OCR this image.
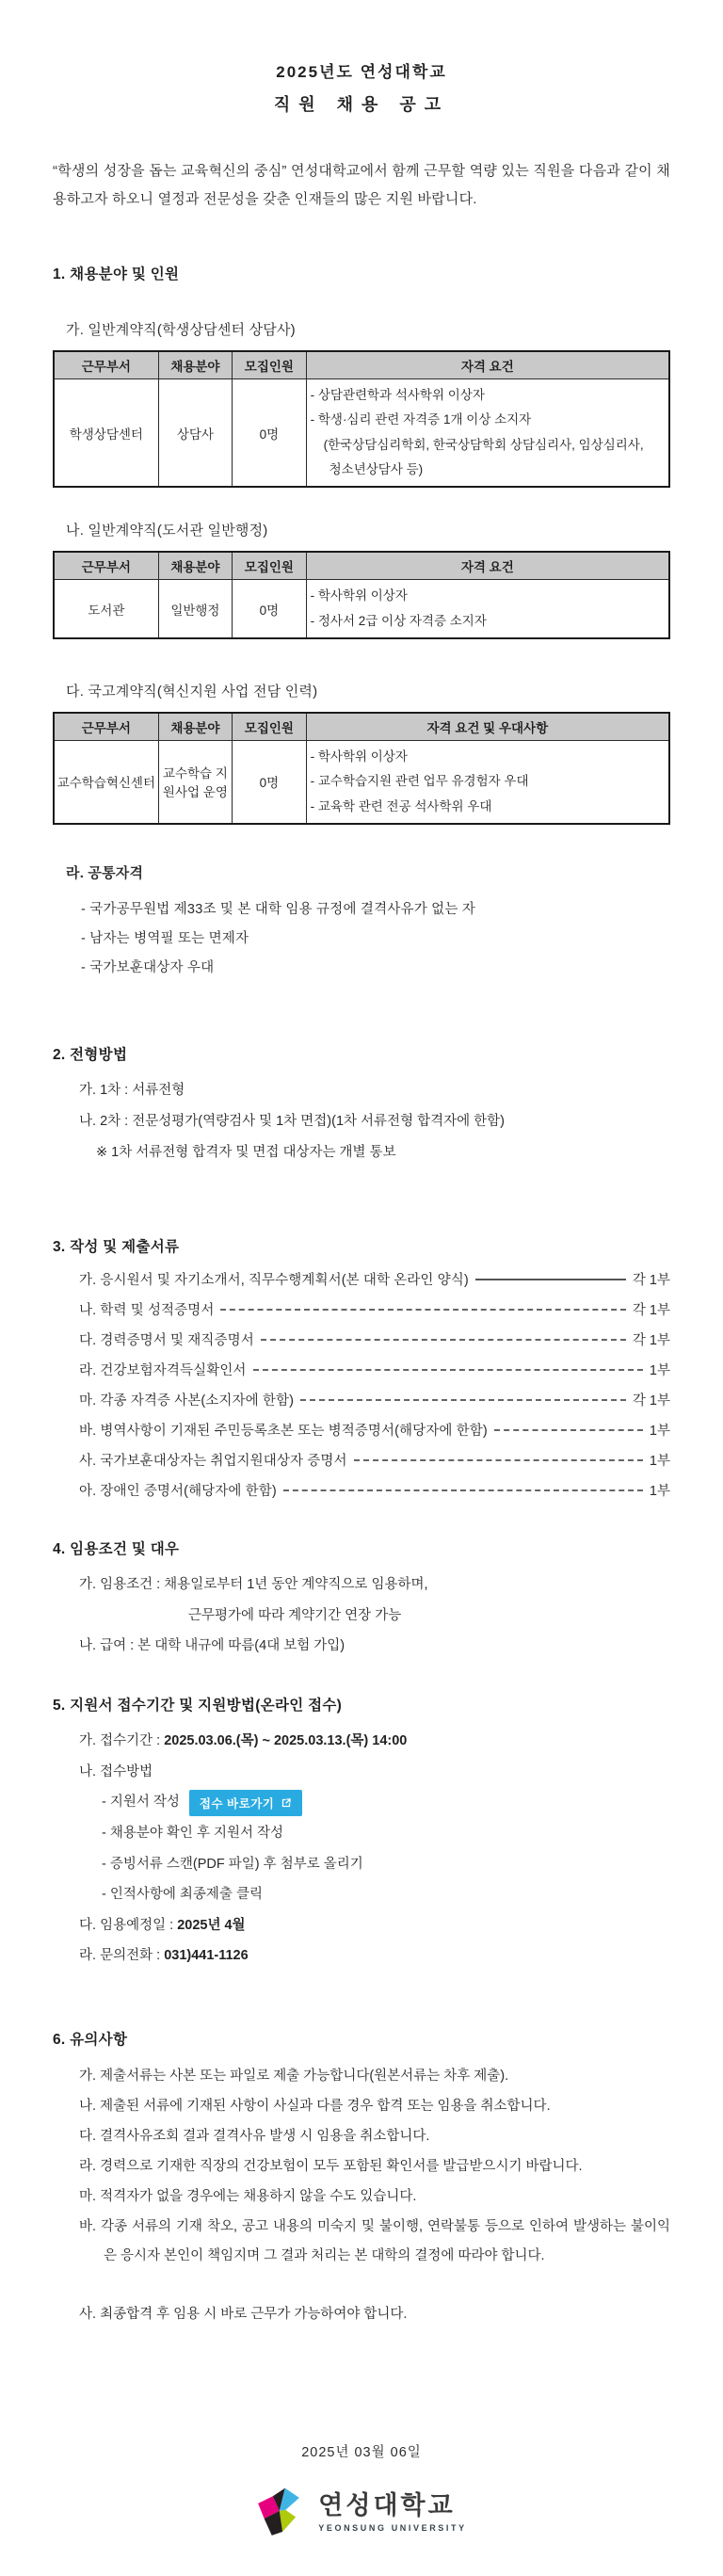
2025년도 연성대학교
직원 채용 공고

“학생의 성장을 돕는 교육혁신의 중심” 연성대학교에서 함께 근무할 역량 있는 직원을 다음과 같이 채용하고자 하오니 열정과 전문성을 갖춘 인재들의 많은 지원 바랍니다.

1. 채용분야 및 인원
가. 일반계약직(학생상담센터 상담사)
근무부서	채용분야	모집인원	자격 요건
학생상담센터	상담사	0명	- 상담관련학과 석사학위 이상자
- 학생·심리 관련 자격증 1개 이상 소지자
(한국상담심리학회, 한국상담학회 상담심리사, 임상심리사,
청소년상담사 등)
나. 일반계약직(도서관 일반행정)
근무부서	채용분야	모집인원	자격 요건
도서관	일반행정	0명	- 학사학위 이상자
- 정사서 2급 이상 자격증 소지자
다. 국고계약직(혁신지원 사업 전담 인력)
근무부서	채용분야	모집인원	자격 요건 및 우대사항
교수학습혁신센터	교수학습 지원사업 운영	0명	- 학사학위 이상자
- 교수학습지원 관련 업무 유경험자 우대
- 교육학 관련 전공 석사학위 우대
라. 공통자격
- 국가공무원법 제33조 및 본 대학 임용 규정에 결격사유가 없는 자
- 남자는 병역필 또는 면제자
- 국가보훈대상자 우대
2. 전형방법
가. 1차 : 서류전형
나. 2차 : 전문성평가(역량검사 및 1차 면접)(1차 서류전형 합격자에 한함)
※ 1차 서류전형 합격자 및 면접 대상자는 개별 통보
3. 작성 및 제출서류
가. 응시원서 및 자기소개서, 직무수행계획서(본 대학 온라인 양식)	각 1부
나. 학력 및 성적증명서	각 1부
다. 경력증명서 및 재직증명서	각 1부
라. 건강보험자격득실확인서	1부
마. 각종 자격증 사본(소지자에 한함)	각 1부
바. 병역사항이 기재된 주민등록초본 또는 병적증명서(해당자에 한함)	1부
사. 국가보훈대상자는 취업지원대상자 증명서	1부
아. 장애인 증명서(해당자에 한함)	1부
4. 임용조건 및 대우
가. 임용조건 : 채용일로부터 1년 동안 계약직으로 임용하며,
근무평가에 따라 계약기간 연장 가능
나. 급여 : 본 대학 내규에 따름(4대 보험 가입)
5. 지원서 접수기간 및 지원방법(온라인 접수)
가. 접수기간 : 2025.03.06.(목) ~ 2025.03.13.(목) 14:00
나. 접수방법
- 지원서 작성 접수 바로가기
- 채용분야 확인 후 지원서 작성
- 증빙서류 스캔(PDF 파일) 후 첨부로 올리기
- 인적사항에 최종제출 클릭
다. 임용예정일 : 2025년 4월
라. 문의전화 : 031)441-1126
6. 유의사항
가. 제출서류는 사본 또는 파일로 제출 가능합니다(원본서류는 차후 제출).
나. 제출된 서류에 기재된 사항이 사실과 다를 경우 합격 또는 임용을 취소합니다.
다. 결격사유조회 결과 결격사유 발생 시 임용을 취소합니다.
라. 경력으로 기재한 직장의 건강보험이 모두 포함된 확인서를 발급받으시기 바랍니다.
마. 적격자가 없을 경우에는 채용하지 않을 수도 있습니다.
바. 각종 서류의 기재 착오, 공고 내용의 미숙지 및 불이행, 연락불통 등으로 인하여 발생하는 불이익은 응시자 본인이 책임지며 그 결과 처리는 본 대학의 결정에 따라야 합니다.
사. 최종합격 후 임용 시 바로 근무가 가능하여야 합니다.
2025년 03월 06일
연성대학교
YEONSUNG UNIVERSITY
